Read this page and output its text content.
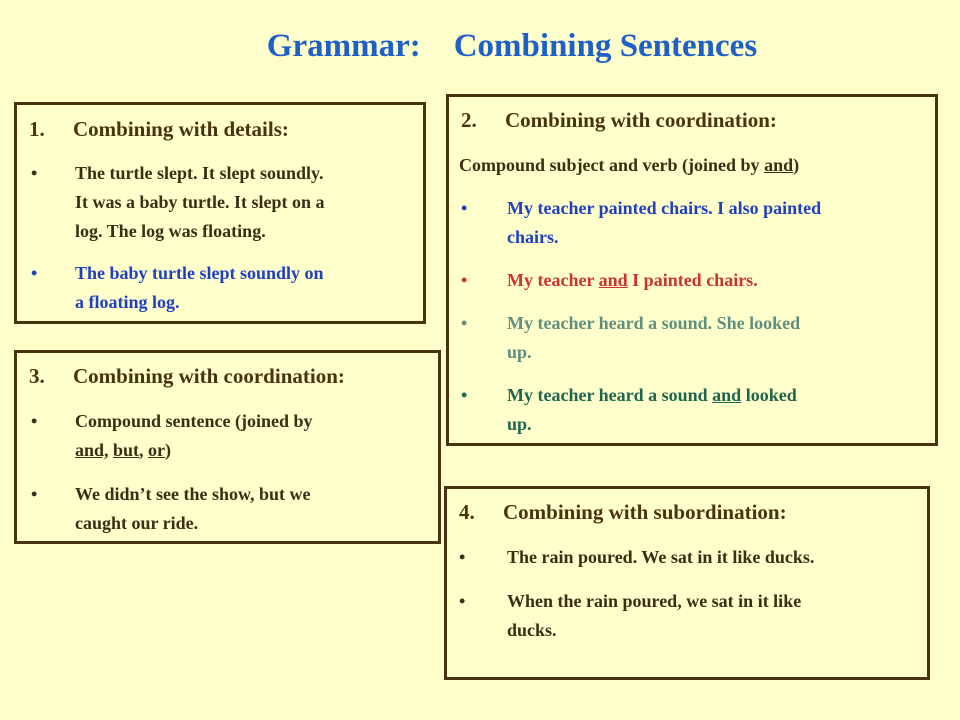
Grammar:    Combining Sentences
1. Combining with details:
• The turtle slept. It slept soundly.
It was a baby turtle. It slept on a
log. The log was floating.
• The baby turtle slept soundly on
a floating log.
2. Combining with coordination:
Compound subject and verb (joined by and)
• My teacher painted chairs. I also painted
chairs.
• My teacher and I painted chairs.
• My teacher heard a sound. She looked
up.
• My teacher heard a sound and looked
up.
3. Combining with coordination:
• Compound sentence (joined by
and, but, or)
• We didn’t see the show, but we
caught our ride.	4. Combining with subordination:
• The rain poured. We sat in it like ducks.
• When the rain poured, we sat in it like
ducks.
